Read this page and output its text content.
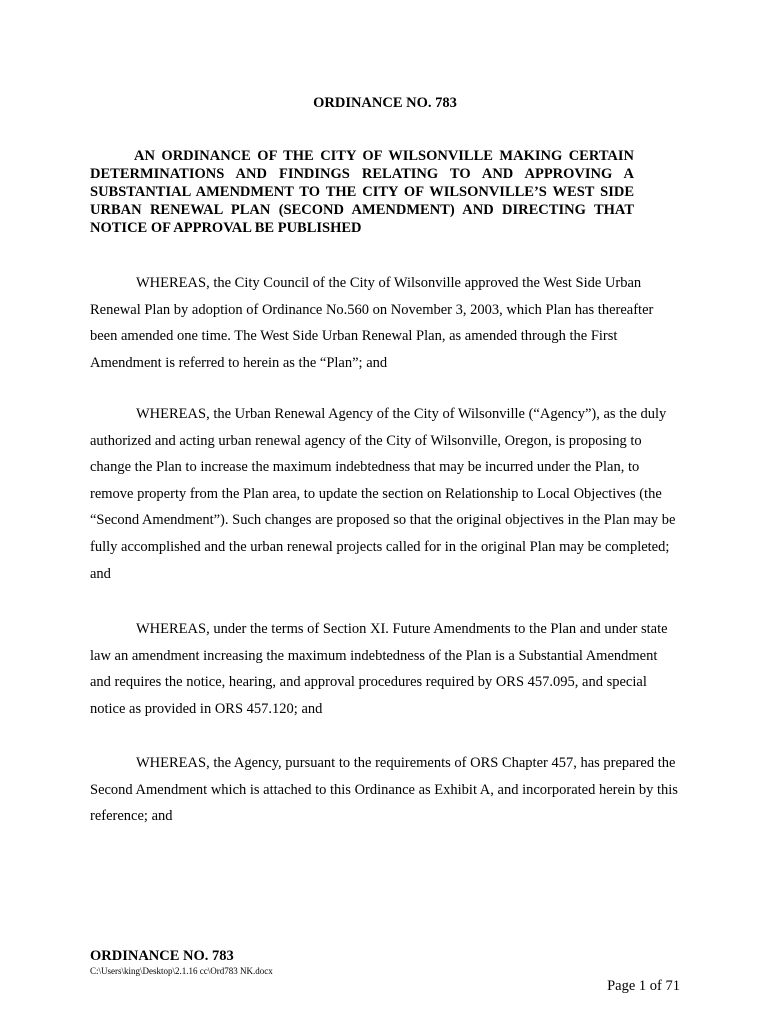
ORDINANCE NO. 783
AN ORDINANCE OF THE CITY OF WILSONVILLE MAKING CERTAIN DETERMINATIONS AND FINDINGS RELATING TO AND APPROVING A SUBSTANTIAL AMENDMENT TO THE CITY OF WILSONVILLE’S WEST SIDE URBAN RENEWAL PLAN (SECOND AMENDMENT) AND DIRECTING THAT NOTICE OF APPROVAL BE PUBLISHED

WHEREAS, the City Council of the City of Wilsonville approved the West Side Urban Renewal Plan by adoption of Ordinance No.560 on November 3, 2003, which Plan has thereafter been amended one time. The West Side Urban Renewal Plan, as amended through the First Amendment is referred to herein as the “Plan”; and

WHEREAS, the Urban Renewal Agency of the City of Wilsonville (“Agency”), as the duly authorized and acting urban renewal agency of the City of Wilsonville, Oregon, is proposing to change the Plan to increase the maximum indebtedness that may be incurred under the Plan, to remove property from the Plan area, to update the section on Relationship to Local Objectives (the “Second Amendment”). Such changes are proposed so that the original objectives in the Plan may be fully accomplished and the urban renewal projects called for in the original Plan may be completed; and

WHEREAS, under the terms of Section XI. Future Amendments to the Plan and under state law an amendment increasing the maximum indebtedness of the Plan is a Substantial Amendment and requires the notice, hearing, and approval procedures required by ORS 457.095, and special notice as provided in ORS 457.120; and

WHEREAS, the Agency, pursuant to the requirements of ORS Chapter 457, has prepared the Second Amendment which is attached to this Ordinance as Exhibit A, and incorporated herein by this reference; and

ORDINANCE NO. 783
C:\Users\king\Desktop\2.1.16 cc\Ord783 NK.docx
Page 1 of 71
